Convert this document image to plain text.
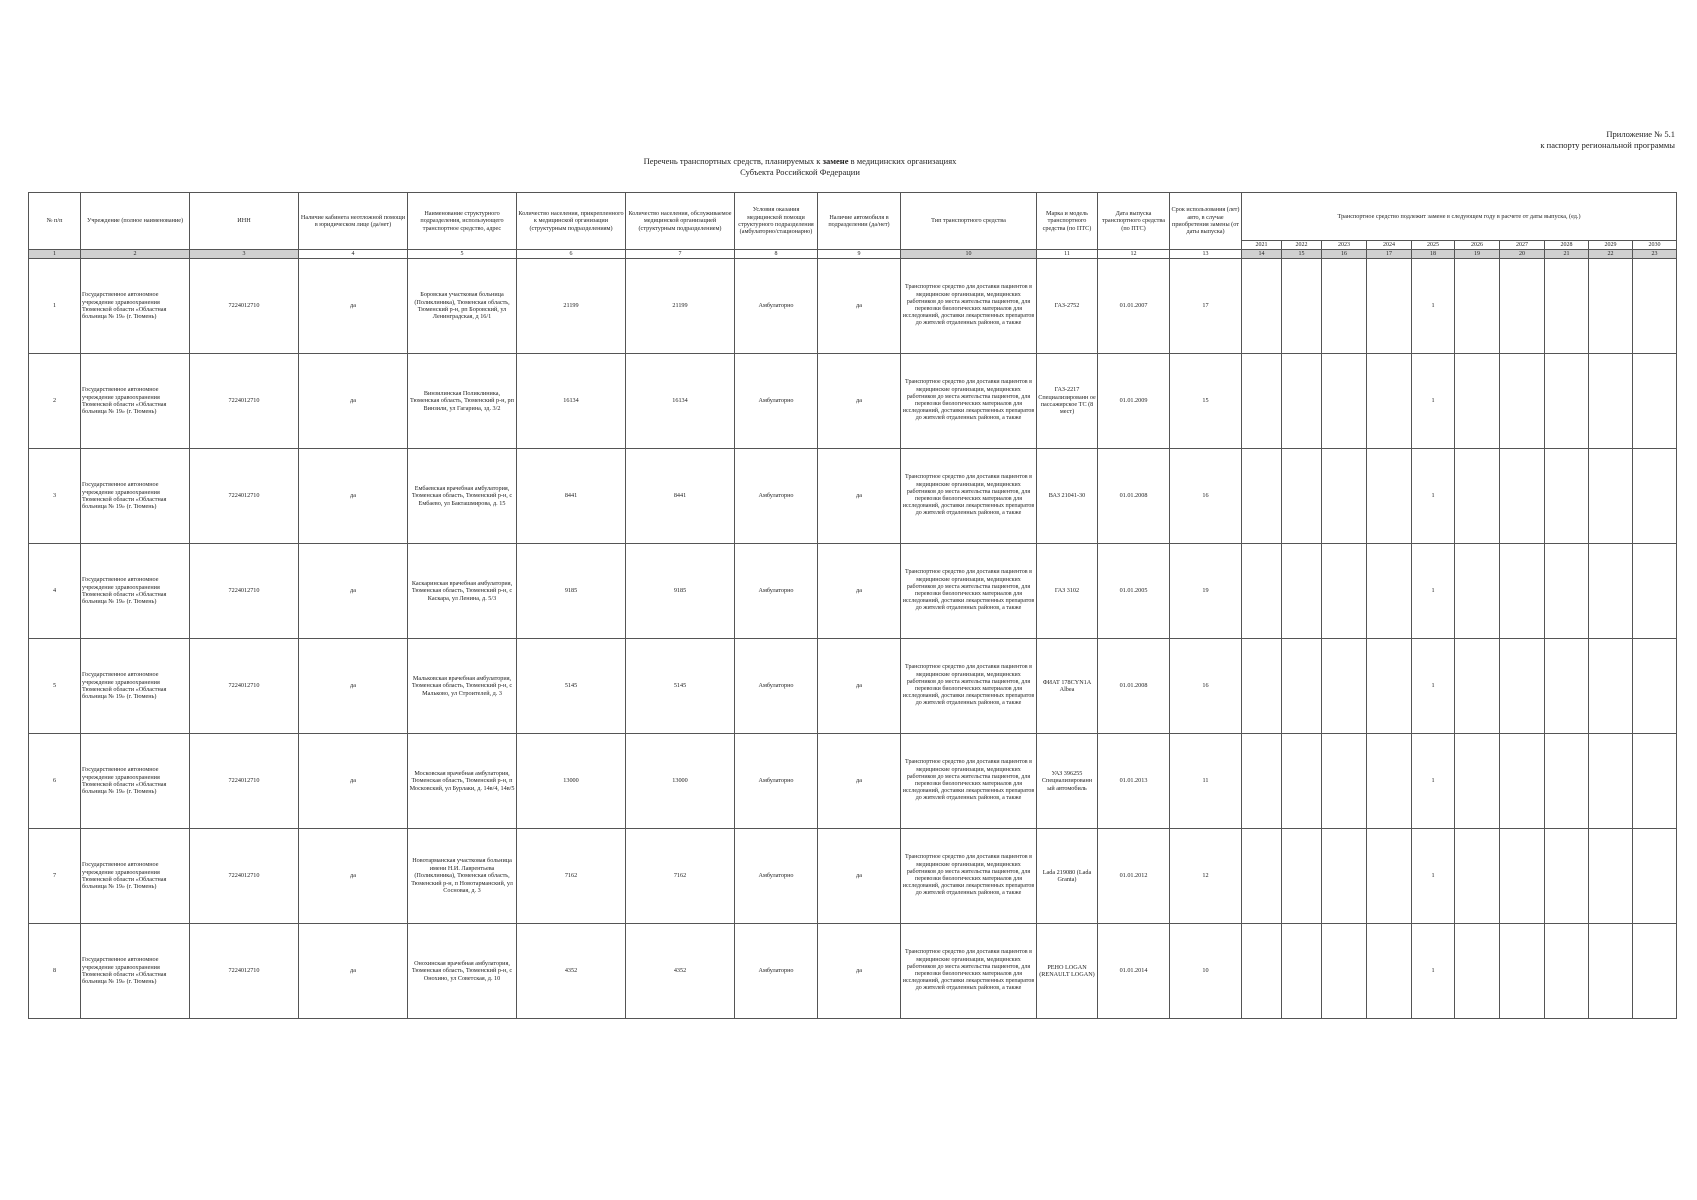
Приложение № 5.1
к паспорту региональной программы
Перечень транспортных средств, планируемых к замене в медицинских организациях
Субъекта Российской Федерации
№ п/п	Учреждение (полное наименование)	ИНН	Наличие кабинета неотложной помощи в юридическом лице (да/нет)	Наименование структурного подразделения, использующего транспортное средство, адрес	Количество населения, прикрепленного к медицинской организации (структурным подразделениям)	Количество населения, обслуживаемое медицинской организацией (структурным подразделением)	Условия оказания медицинской помощи структурного подразделения (амбулаторно/стационарно)	Наличие автомобиля в подразделении (да/нет)	Тип транспортного средства	Марка и модель транспортного средства (по ПТС)	Дата выпуска транспортного средства (по ПТС)	Срок использования (лет) авто, в случае приобретения замены (от даты выпуска)	Транспортное средство подлежит замене в следующем году в расчете от даты выпуска, (ед.)									
													2021	2022	2023	2024	2025	2026	2027	2028	2029	2030
1	2	3	4	5	6	7	8	9	10	11	12	13	14	15	16	17	18	19	20	21	22	23
1	Государственное автономное учреждение здравоохранения Тюменской области «Областная больница № 19» (г. Тюмень)	7224012710	да	Боровская участковая больница (Поликлиника), Тюменская область, Тюменский р-н, рп Боровский, ул Ленинградская, д 16/1	21199	21199	Амбулаторно	да	Транспортное средство для доставки пациентов в медицинские организации, медицинских работников до места жительства пациентов, для перевозки биологических материалов для исследований, доставки лекарственных препаратов до жителей отдаленных районов, а также	ГАЗ-2752	01.01.2007	17					1					
2	Государственное автономное учреждение здравоохранения Тюменской области «Областная больница № 19» (г. Тюмень)	7224012710	да	Винзилинская Поликлиника, Тюменская область, Тюменский р-н, рп Винзили, ул Гагарина, зд. 3/2	16134	16134	Амбулаторно	да	Транспортное средство для доставки пациентов в медицинские организации, медицинских работников до места жительства пациентов, для перевозки биологических материалов для исследований, доставки лекарственных препаратов до жителей отдаленных районов, а также	ГАЗ-2217 Специализированн ое пассажирское ТС (8 мест)	01.01.2009	15					1					
3	Государственное автономное учреждение здравоохранения Тюменской области «Областная больница № 19» (г. Тюмень)	7224012710	да	Ембаевская врачебная амбулатория, Тюменская область, Тюменский р-н, с Ембаево, ул Бакташмирова, д. 15	8441	8441	Амбулаторно	да	Транспортное средство для доставки пациентов в медицинские организации, медицинских работников до места жительства пациентов, для перевозки биологических материалов для исследований, доставки лекарственных препаратов до жителей отдаленных районов, а также	ВАЗ 21041-30	01.01.2008	16					1					
4	Государственное автономное учреждение здравоохранения Тюменской области «Областная больница № 19» (г. Тюмень)	7224012710	да	Каскаринская врачебная амбулатория, Тюменская область, Тюменский р-н, с Каскара, ул Ленина, д. 5/3	9185	9185	Амбулаторно	да	Транспортное средство для доставки пациентов в медицинские организации, медицинских работников до места жительства пациентов, для перевозки биологических материалов для исследований, доставки лекарственных препаратов до жителей отдаленных районов, а также	ГАЗ 3102	01.01.2005	19					1					
5	Государственное автономное учреждение здравоохранения Тюменской области «Областная больница № 19» (г. Тюмень)	7224012710	да	Мальковская врачебная амбулатория, Тюменская область, Тюменский р-н, с Мальково, ул Строителей, д. 3	5145	5145	Амбулаторно	да	Транспортное средство для доставки пациентов в медицинские организации, медицинских работников до места жительства пациентов, для перевозки биологических материалов для исследований, доставки лекарственных препаратов до жителей отдаленных районов, а также	ФИАТ 178CYN1A Albea	01.01.2008	16					1					
6	Государственное автономное учреждение здравоохранения Тюменской области «Областная больница № 19» (г. Тюмень)	7224012710	да	Московская врачебная амбулатория, Тюменская область, Тюменский р-н, п Московский, ул Бурлаки, д. 14в/4, 14в/5	13000	13000	Амбулаторно	да	Транспортное средство для доставки пациентов в медицинские организации, медицинских работников до места жительства пациентов, для перевозки биологических материалов для исследований, доставки лекарственных препаратов до жителей отдаленных районов, а также	УАЗ 396255 Специализированн ый автомобиль	01.01.2013	11					1					
7	Государственное автономное учреждение здравоохранения Тюменской области «Областная больница № 19» (г. Тюмень)	7224012710	да	Новотарманская участковая больница имени Н.И. Лаврентьева (Поликлиника), Тюменская область, Тюменский р-н, п Новотарманский, ул Сосновая, д. 3	7162	7162	Амбулаторно	да	Транспортное средство для доставки пациентов в медицинские организации, медицинских работников до места жительства пациентов, для перевозки биологических материалов для исследований, доставки лекарственных препаратов до жителей отдаленных районов, а также	Lada 219080 (Lada Granta)	01.01.2012	12					1					
8	Государственное автономное учреждение здравоохранения Тюменской области «Областная больница № 19» (г. Тюмень)	7224012710	да	Онохинская врачебная амбулатория, Тюменская область, Тюменский р-н, с Онохино, ул Советская, д. 10	4352	4352	Амбулаторно	да	Транспортное средство для доставки пациентов в медицинские организации, медицинских работников до места жительства пациентов, для перевозки биологических материалов для исследований, доставки лекарственных препаратов до жителей отдаленных районов, а также	РЕНО LOGAN (RENAULT LOGAN)	01.01.2014	10					1					
